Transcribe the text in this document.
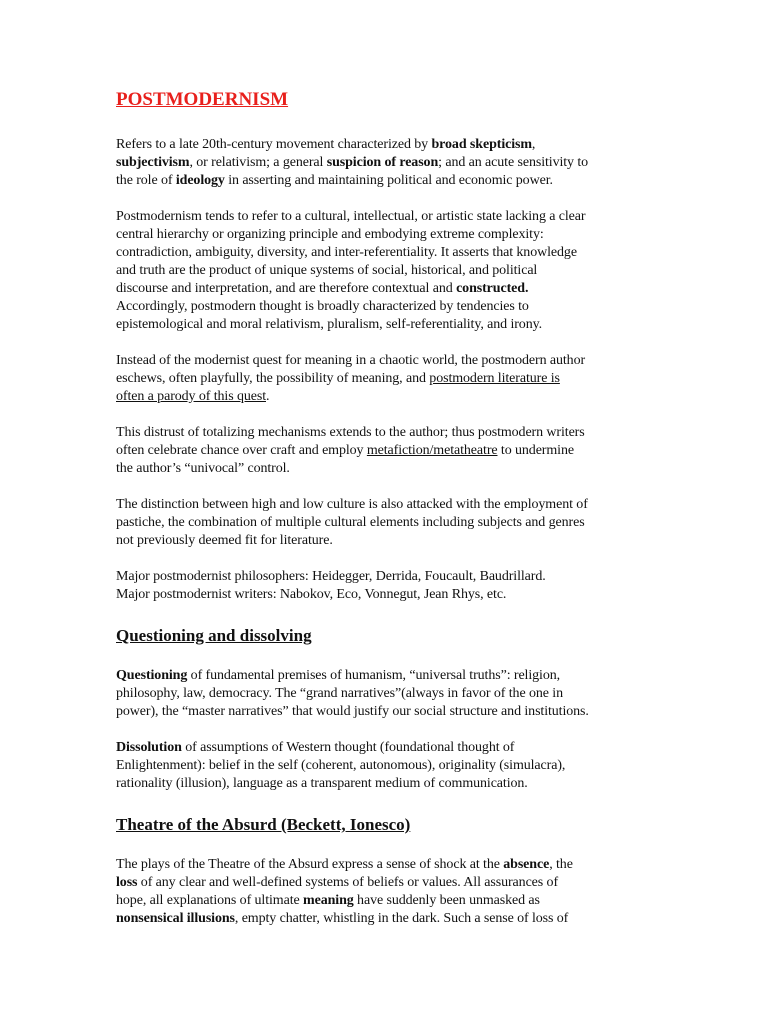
POSTMODERNISM
Refers to a late 20th-century movement characterized by broad skepticism,
subjectivism, or relativism; a general suspicion of reason; and an acute sensitivity to
the role of ideology in asserting and maintaining political and economic power.
Postmodernism tends to refer to a cultural, intellectual, or artistic state lacking a clear
central hierarchy or organizing principle and embodying extreme complexity:
contradiction, ambiguity, diversity, and inter-referentiality. It asserts that knowledge
and truth are the product of unique systems of social, historical, and political
discourse and interpretation, and are therefore contextual and constructed.
Accordingly, postmodern thought is broadly characterized by tendencies to
epistemological and moral relativism, pluralism, self-referentiality, and irony.
Instead of the modernist quest for meaning in a chaotic world, the postmodern author
eschews, often playfully, the possibility of meaning, and postmodern literature is
often a parody of this quest.
This distrust of totalizing mechanisms extends to the author; thus postmodern writers
often celebrate chance over craft and employ metafiction/metatheatre to undermine
the author’s “univocal” control.
The distinction between high and low culture is also attacked with the employment of
pastiche, the combination of multiple cultural elements including subjects and genres
not previously deemed fit for literature.
Major postmodernist philosophers: Heidegger, Derrida, Foucault, Baudrillard.
Major postmodernist writers: Nabokov, Eco, Vonnegut, Jean Rhys, etc.
Questioning and dissolving
Questioning of fundamental premises of humanism, “universal truths”: religion,
philosophy, law, democracy. The “grand narratives”(always in favor of the one in
power), the “master narratives” that would justify our social structure and institutions.
Dissolution of assumptions of Western thought (foundational thought of
Enlightenment): belief in the self (coherent, autonomous), originality (simulacra),
rationality (illusion), language as a transparent medium of communication.
Theatre of the Absurd (Beckett, Ionesco)
The plays of the Theatre of the Absurd express a sense of shock at the absence, the
loss of any clear and well-defined systems of beliefs or values. All assurances of
hope, all explanations of ultimate meaning have suddenly been unmasked as
nonsensical illusions, empty chatter, whistling in the dark. Such a sense of loss of
